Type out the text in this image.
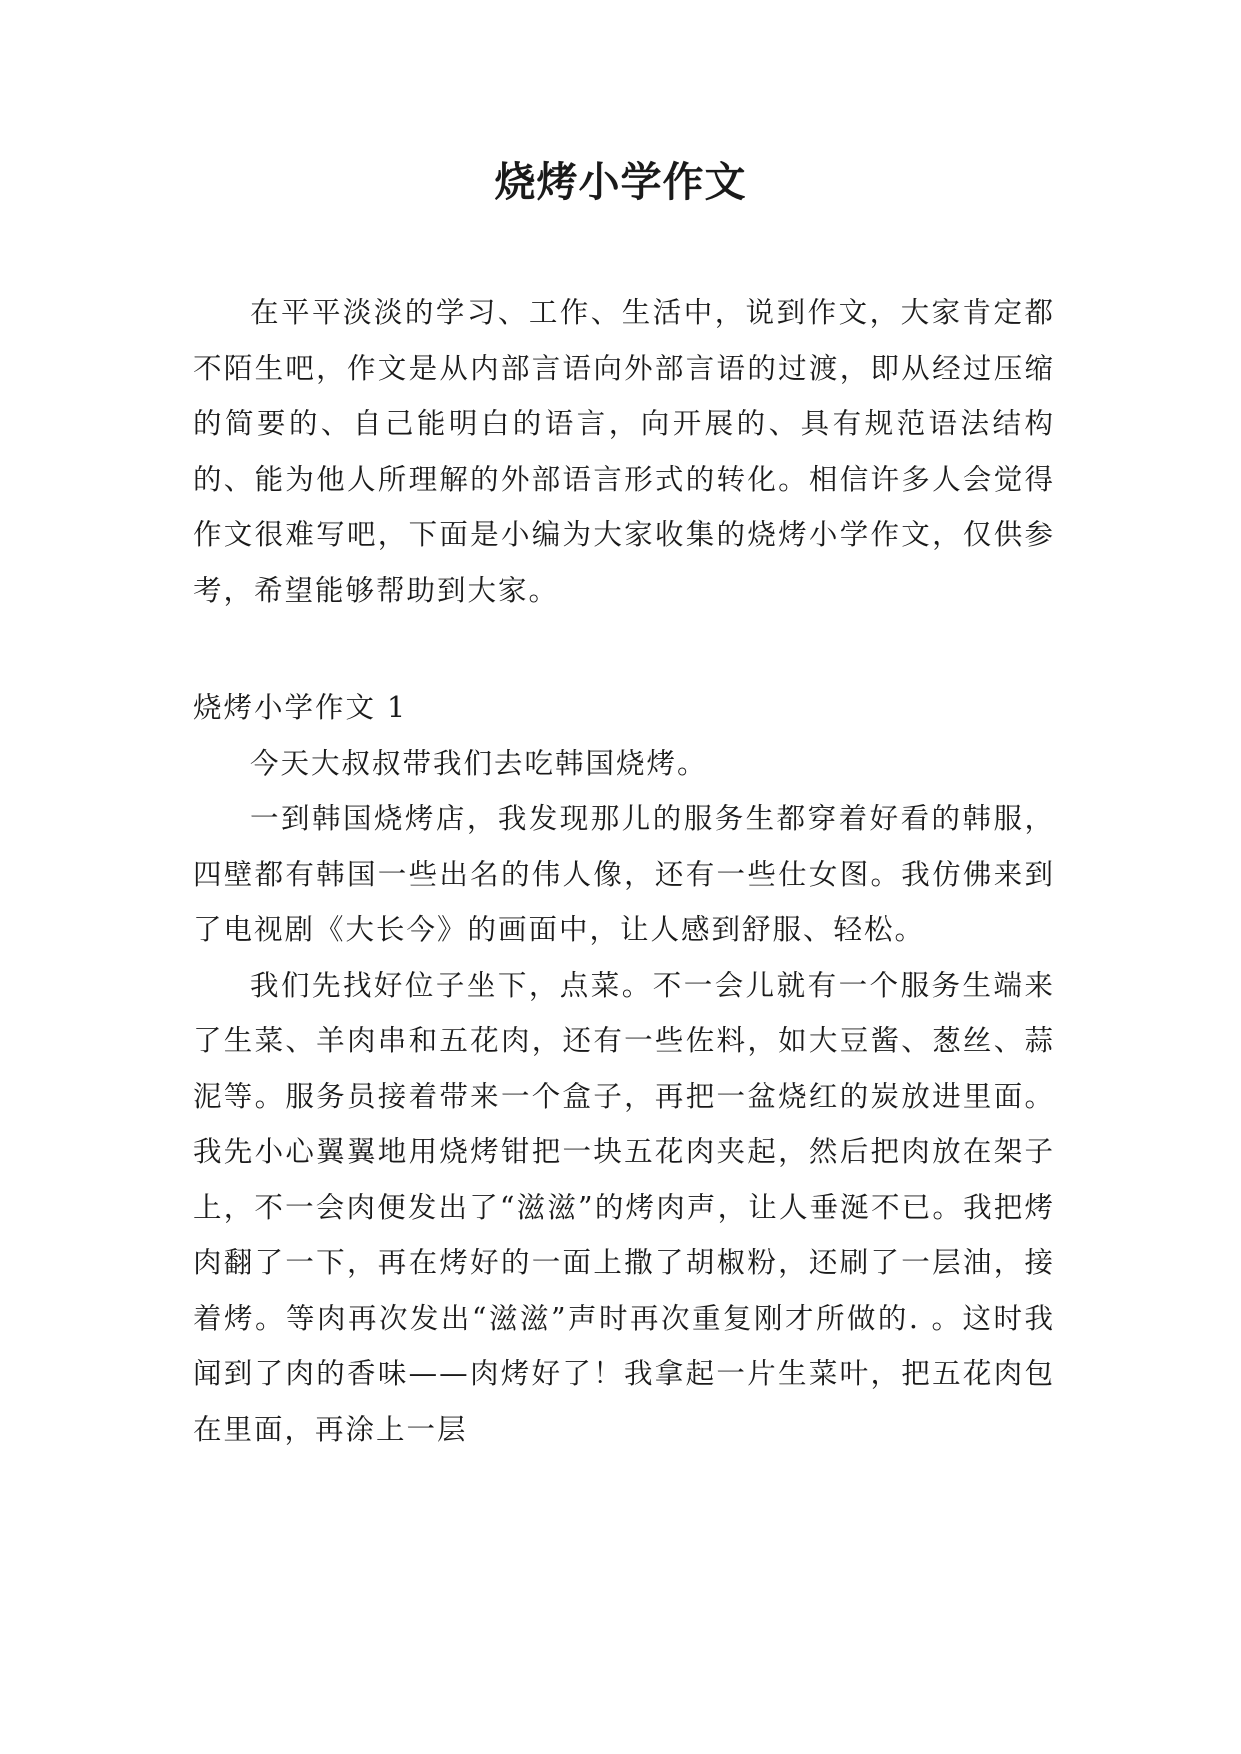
烧烤小学作文

在平平淡淡的学习、工作、生活中，说到作文，大家肯定都不陌生吧，作文是从内部言语向外部言语的过渡，即从经过压缩的简要的、自己能明白的语言，向开展的、具有规范语法结构的、能为他人所理解的外部语言形式的转化。相信许多人会觉得作文很难写吧，下面是小编为大家收集的烧烤小学作文，仅供参考，希望能够帮助到大家。

烧烤小学作文 1

今天大叔叔带我们去吃韩国烧烤。

一到韩国烧烤店，我发现那儿的服务生都穿着好看的韩服，四壁都有韩国一些出名的伟人像，还有一些仕女图。我仿佛来到了电视剧《大长今》的画面中，让人感到舒服、轻松。

我们先找好位子坐下，点菜。不一会儿就有一个服务生端来了生菜、羊肉串和五花肉，还有一些佐料，如大豆酱、葱丝、蒜泥等。服务员接着带来一个盒子，再把一盆烧红的炭放进里面。我先小心翼翼地用烧烤钳把一块五花肉夹起，然后把肉放在架子上，不一会肉便发出了“滋滋”的烤肉声，让人垂涎不已。我把烤肉翻了一下，再在烤好的一面上撒了胡椒粉，还刷了一层油，接着烤。等肉再次发出“滋滋”声时再次重复刚才所做的. 。这时我闻到了肉的香味——肉烤好了！我拿起一片生菜叶，把五花肉包在里面，再涂上一层
